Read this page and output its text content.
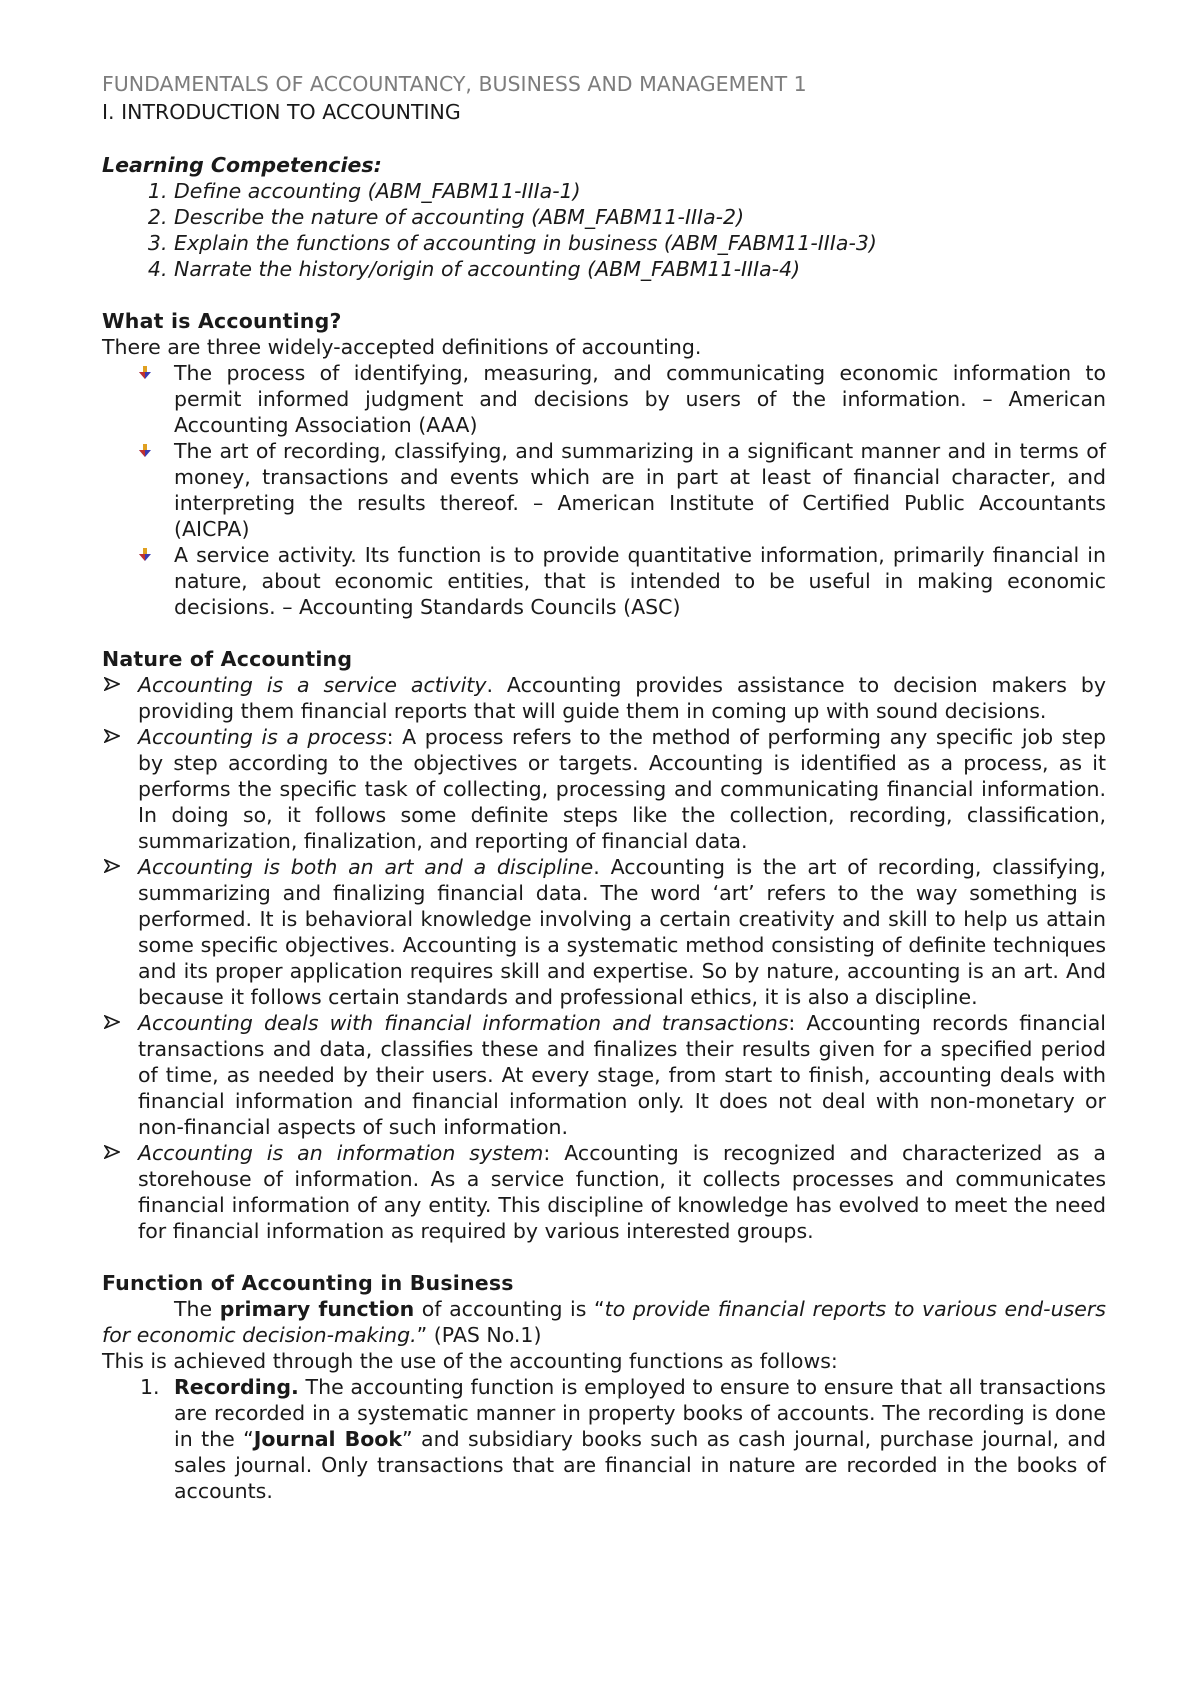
FUNDAMENTALS OF ACCOUNTANCY, BUSINESS AND MANAGEMENT 1
I. INTRODUCTION TO ACCOUNTING
Learning Competencies:
1. Define accounting (ABM_FABM11-IIIa-1)
2. Describe the nature of accounting (ABM_FABM11-IIIa-2)
3. Explain the functions of accounting in business (ABM_FABM11-IIIa-3)
4. Narrate the history/origin of accounting (ABM_FABM11-IIIa-4)
What is Accounting?
There are three widely-accepted definitions of accounting.
The process of identifying, measuring, and communicating economic information to permit informed judgment and decisions by users of the information. – American Accounting Association (AAA)
The art of recording, classifying, and summarizing in a significant manner and in terms of money, transactions and events which are in part at least of financial character, and interpreting the results thereof. – American Institute of Certified Public Accountants (AICPA)
A service activity. Its function is to provide quantitative information, primarily financial in nature, about economic entities, that is intended to be useful in making economic decisions. – Accounting Standards Councils (ASC)
Nature of Accounting
Accounting is a service activity. Accounting provides assistance to decision makers by providing them financial reports that will guide them in coming up with sound decisions.
Accounting is a process: A process refers to the method of performing any specific job step by step according to the objectives or targets. Accounting is identified as a process, as it performs the specific task of collecting, processing and communicating financial information. In doing so, it follows some definite steps like the collection, recording, classification, summarization, finalization, and reporting of financial data.
Accounting is both an art and a discipline. Accounting is the art of recording, classifying, summarizing and finalizing financial data. The word ‘art’ refers to the way something is performed. It is behavioral knowledge involving a certain creativity and skill to help us attain some specific objectives. Accounting is a systematic method consisting of definite techniques and its proper application requires skill and expertise. So by nature, accounting is an art. And because it follows certain standards and professional ethics, it is also a discipline.
Accounting deals with financial information and transactions: Accounting records financial transactions and data, classifies these and finalizes their results given for a specified period of time, as needed by their users. At every stage, from start to finish, accounting deals with financial information and financial information only. It does not deal with non-monetary or non-financial aspects of such information.
Accounting is an information system: Accounting is recognized and characterized as a storehouse of information. As a service function, it collects processes and communicates financial information of any entity. This discipline of knowledge has evolved to meet the need for financial information as required by various interested groups.
Function of Accounting in Business
The primary function of accounting is “to provide financial reports to various end-users for economic decision-making.” (PAS No.1)
This is achieved through the use of the accounting functions as follows:
1. Recording. The accounting function is employed to ensure to ensure that all transactions are recorded in a systematic manner in property books of accounts. The recording is done in the “Journal Book” and subsidiary books such as cash journal, purchase journal, and sales journal. Only transactions that are financial in nature are recorded in the books of accounts.
